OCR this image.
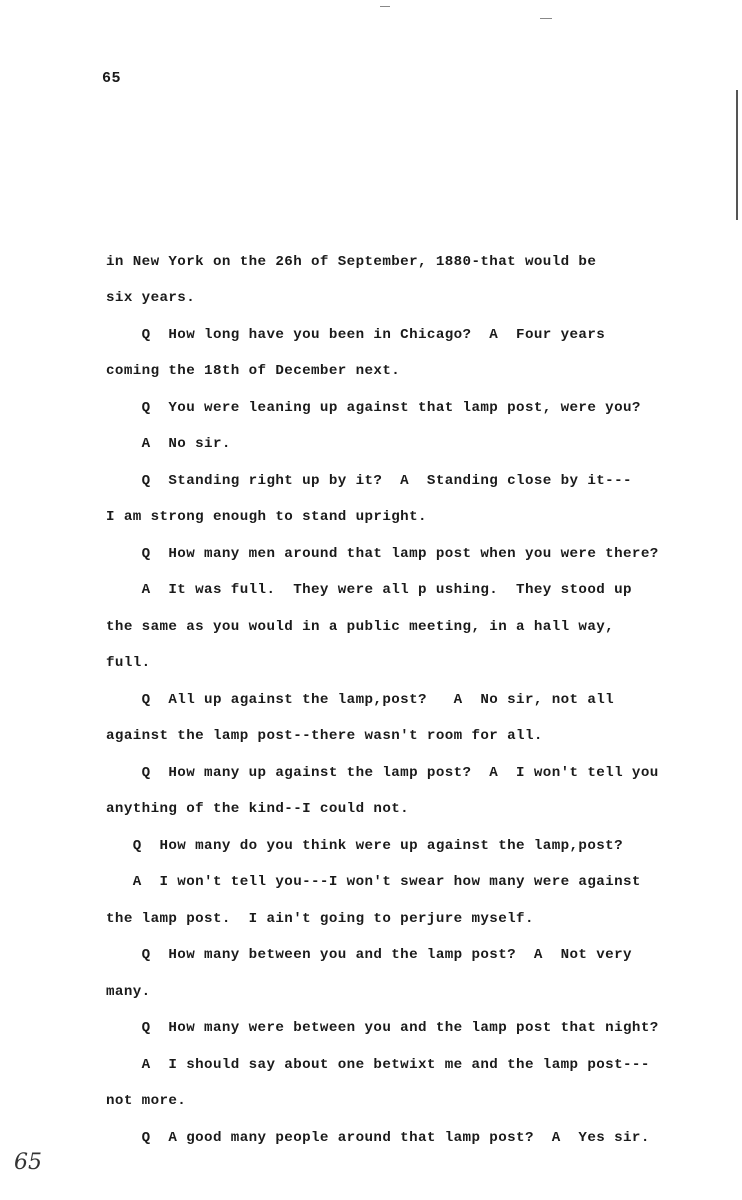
65

in New York on the 26h of September, 1880-that would be

six years.

Q  How long have you been in Chicago?  A  Four years

coming the 18th of December next.

Q  You were leaning up against that lamp post, were you?

A  No sir.

Q  Standing right up by it?  A  Standing close by it---

I am strong enough to stand upright.

Q  How many men around that lamp post when you were there?

A  It was full.  They were all p ushing.  They stood up

the same as you would in a public meeting, in a hall way,

full.

Q  All up against the lamp,post?   A  No sir, not all

against the lamp post--there wasn't room for all.

Q  How many up against the lamp post?  A  I won't tell you

anything of the kind--I could not.

Q  How many do you think were up against the lamp,post?

A  I won't tell you---I won't swear how many were against

the lamp post.  I ain't going to perjure myself.

Q  How many between you and the lamp post?  A  Not very

many.

Q  How many were between you and the lamp post that night?

A  I should say about one betwixt me and the lamp post---

not more.

Q  A good many people around that lamp post?  A  Yes sir.

65
